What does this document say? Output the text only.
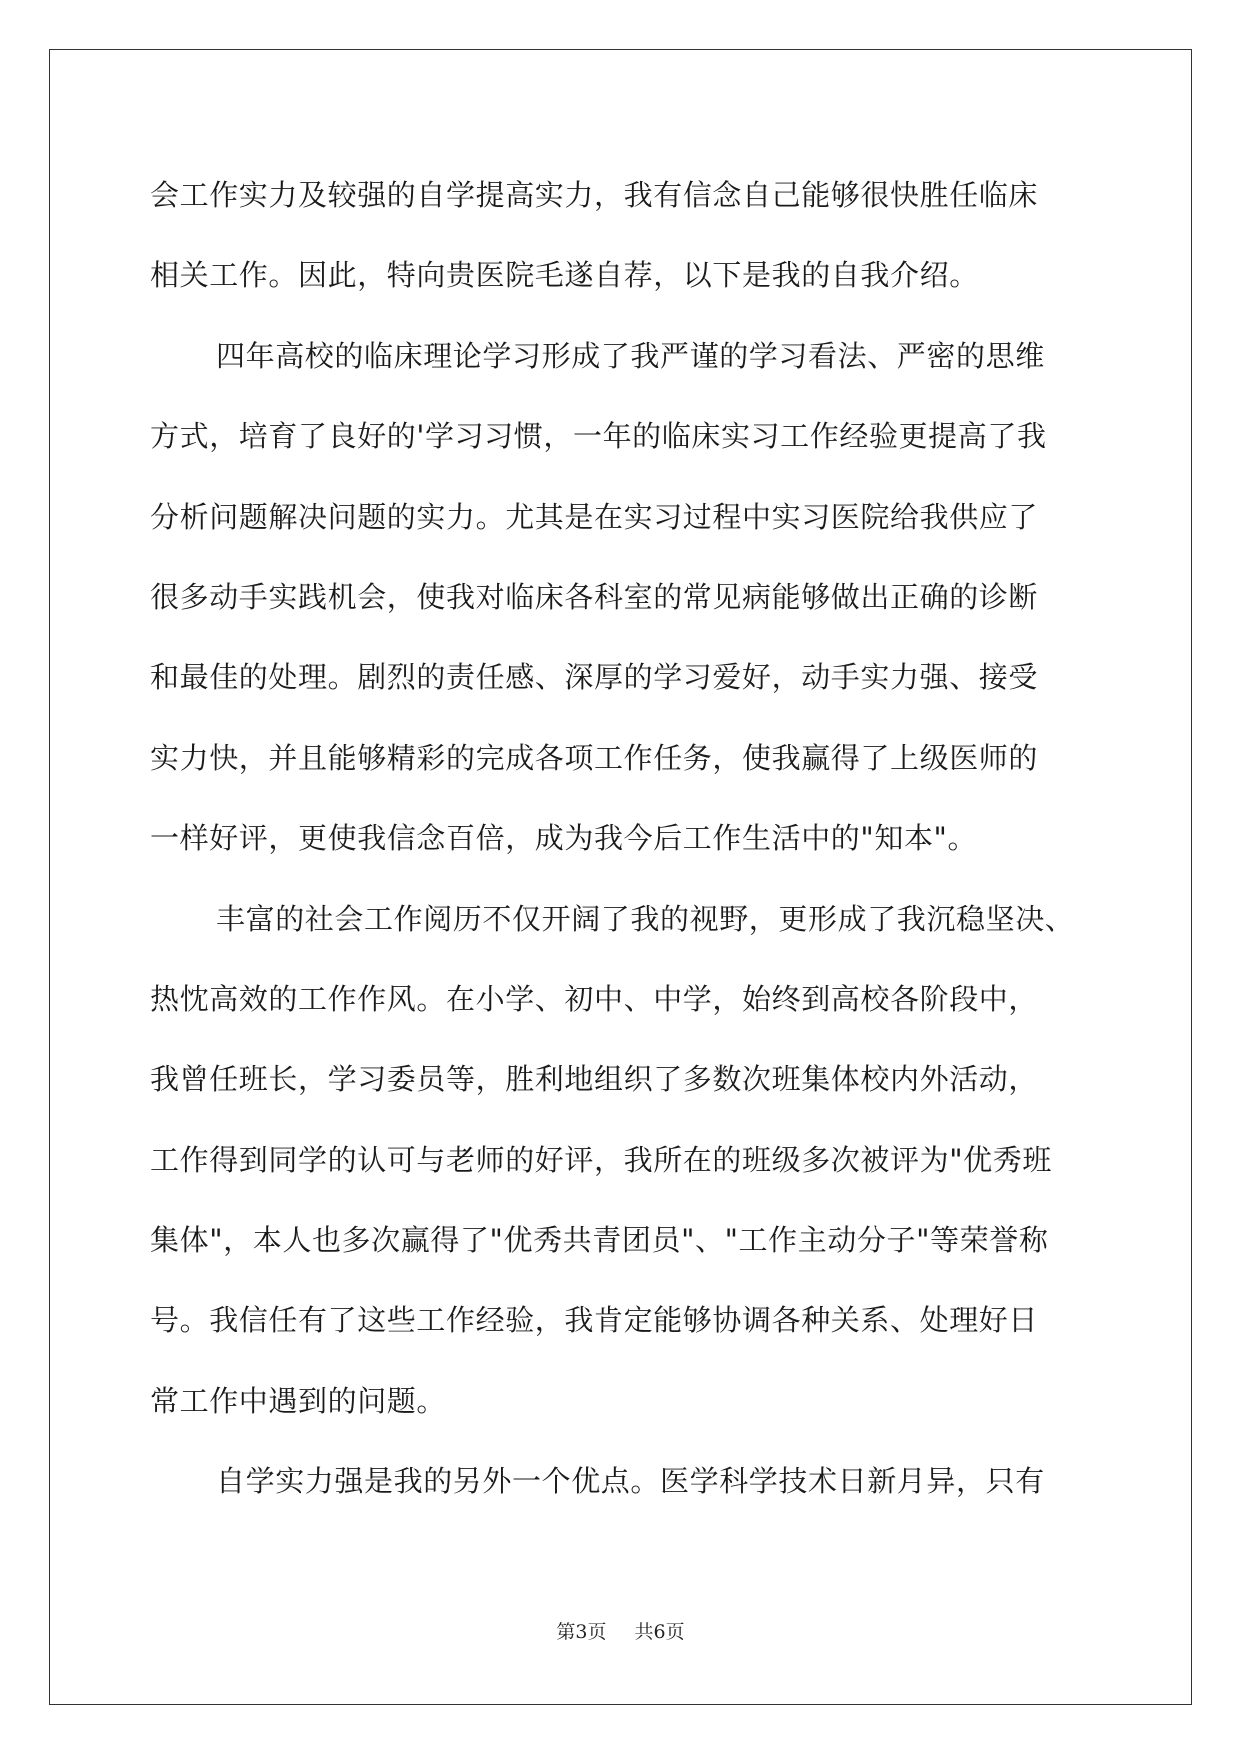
会工作实力及较强的自学提高实力，我有信念自己能够很快胜任临床
相关工作。因此，特向贵医院毛遂自荐，以下是我的自我介绍。
四年高校的临床理论学习形成了我严谨的学习看法、严密的思维
方式，培育了良好的'学习习惯，一年的临床实习工作经验更提高了我
分析问题解决问题的实力。尤其是在实习过程中实习医院给我供应了
很多动手实践机会，使我对临床各科室的常见病能够做出正确的诊断
和最佳的处理。剧烈的责任感、深厚的学习爱好，动手实力强、接受
实力快，并且能够精彩的完成各项工作任务，使我赢得了上级医师的
一样好评，更使我信念百倍，成为我今后工作生活中的"知本"。
丰富的社会工作阅历不仅开阔了我的视野，更形成了我沉稳坚决、
热忱高效的工作作风。在小学、初中、中学，始终到高校各阶段中，
我曾任班长，学习委员等，胜利地组织了多数次班集体校内外活动，
工作得到同学的认可与老师的好评，我所在的班级多次被评为"优秀班
集体"，本人也多次赢得了"优秀共青团员"、"工作主动分子"等荣誉称
号。我信任有了这些工作经验，我肯定能够协调各种关系、处理好日
常工作中遇到的问题。
自学实力强是我的另外一个优点。医学科学技术日新月异，只有
第3页 共6页
